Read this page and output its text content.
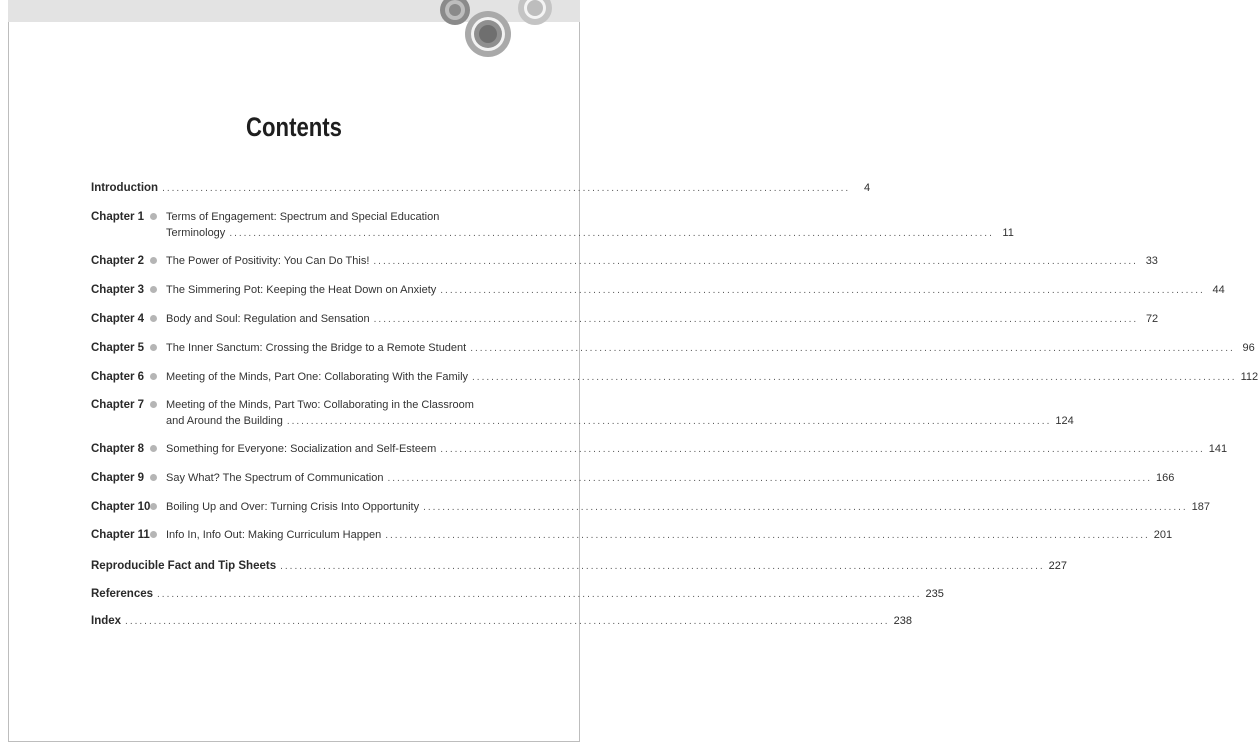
Contents
Introduction ................................................................................................................................................	4
Chapter 1 Terms of Engagement: Spectrum and Special Education
Terminology ................................................................................................................................................................ 11
Chapter 2 The Power of Positivity: You Can Do This! ................................................................................................................................................................ 33
Chapter 3 The Simmering Pot: Keeping the Heat Down on Anxiety ................................................................................................................................................................ 44
Chapter 4 Body and Soul: Regulation and Sensation ................................................................................................................................................................ 72
Chapter 5 The Inner Sanctum: Crossing the Bridge to a Remote Student ................................................................................................................................................................ 96
Chapter 6 Meeting of the Minds, Part One: Collaborating With the Family ................................................................................................................................................................ 112
Chapter 7 Meeting of the Minds, Part Two: Collaborating in the Classroom
and Around the Building ................................................................................................................................................................ 124
Chapter 8 Something for Everyone: Socialization and Self-Esteem ................................................................................................................................................................ 141
Chapter 9 Say What? The Spectrum of Communication ................................................................................................................................................................ 166
Chapter 10 Boiling Up and Over: Turning Crisis Into Opportunity ................................................................................................................................................................ 187
Chapter 11 Info In, Info Out: Making Curriculum Happen ................................................................................................................................................................ 201
Reproducible Fact and Tip Sheets ................................................................................................................................................................ 227
References ................................................................................................................................................................ 235
Index ................................................................................................................................................................ 238
